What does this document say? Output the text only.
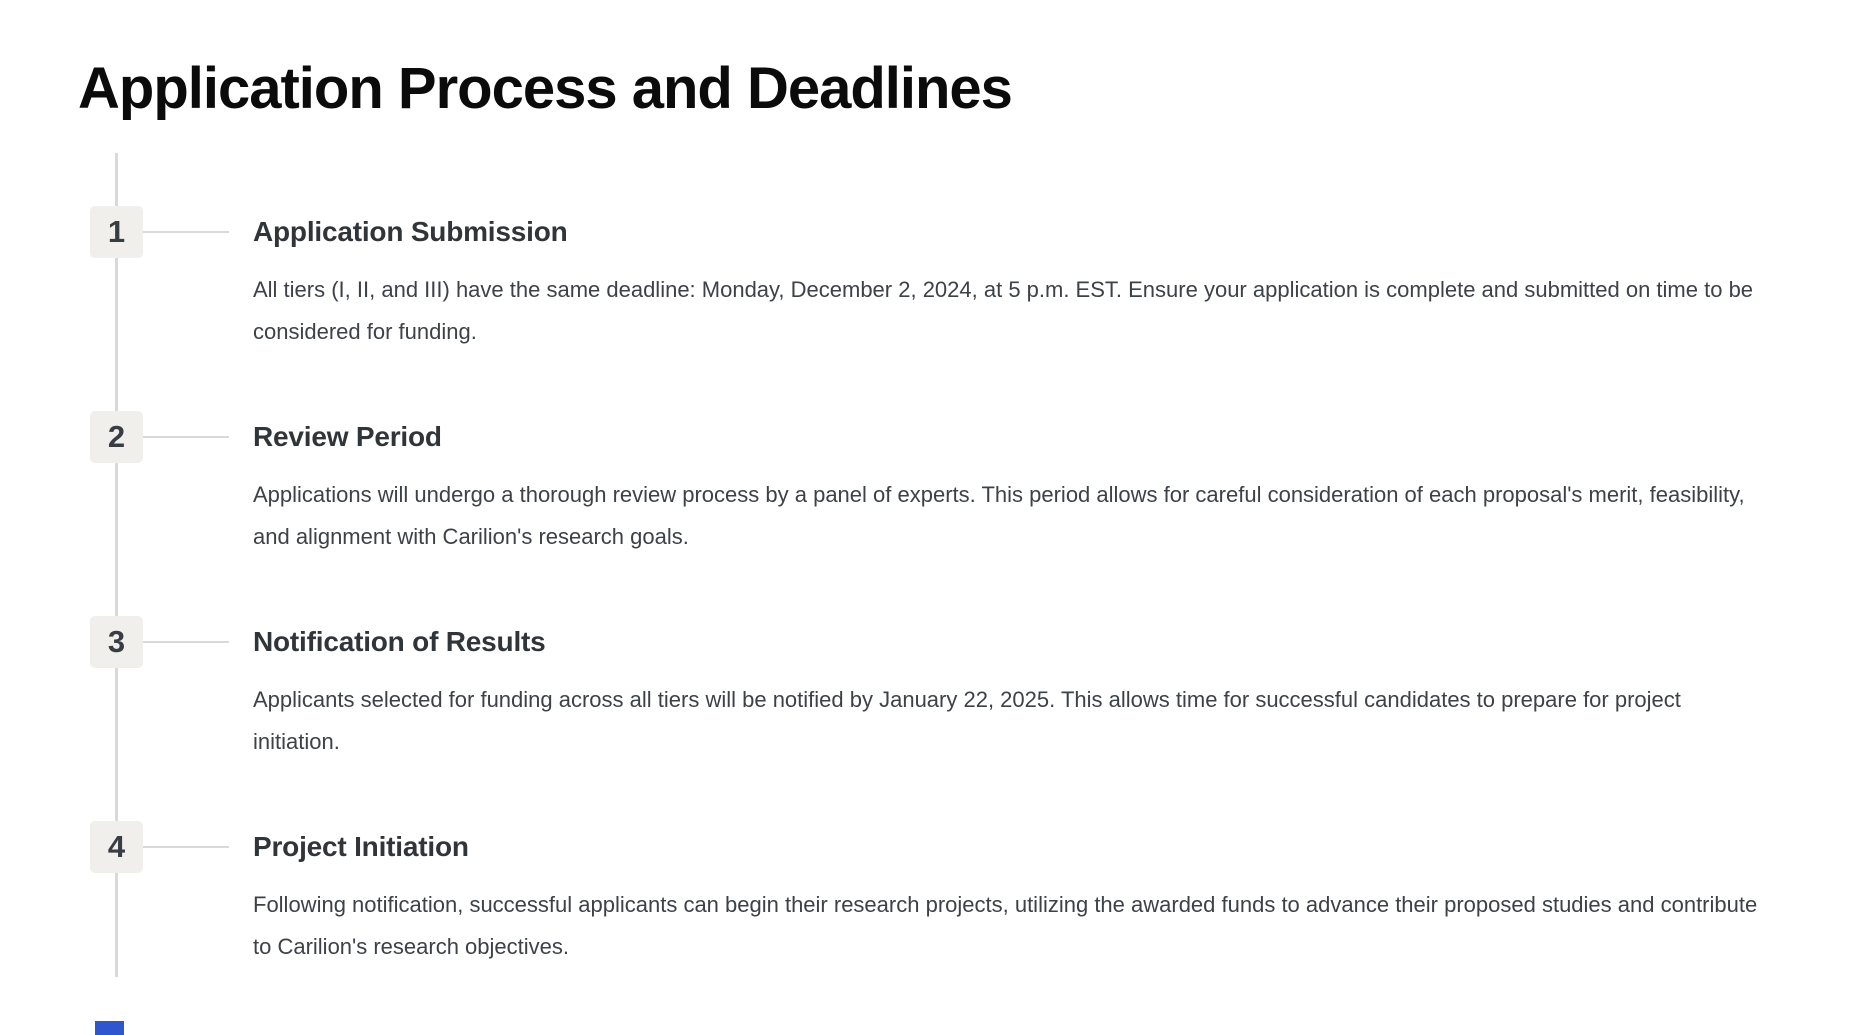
Application Process and Deadlines
1	Application Submission

All tiers (I, II, and III) have the same deadline: Monday, December 2, 2024, at 5 p.m. EST. Ensure your application is complete and submitted on time to be considered for funding.

2	Review Period

Applications will undergo a thorough review process by a panel of experts. This period allows for careful consideration of each proposal's merit, feasibility, and alignment with Carilion's research goals.

3	Notification of Results

Applicants selected for funding across all tiers will be notified by January 22, 2025. This allows time for successful candidates to prepare for project initiation.

4	Project Initiation

Following notification, successful applicants can begin their research projects, utilizing the awarded funds to advance their proposed studies and contribute to Carilion's research objectives.
